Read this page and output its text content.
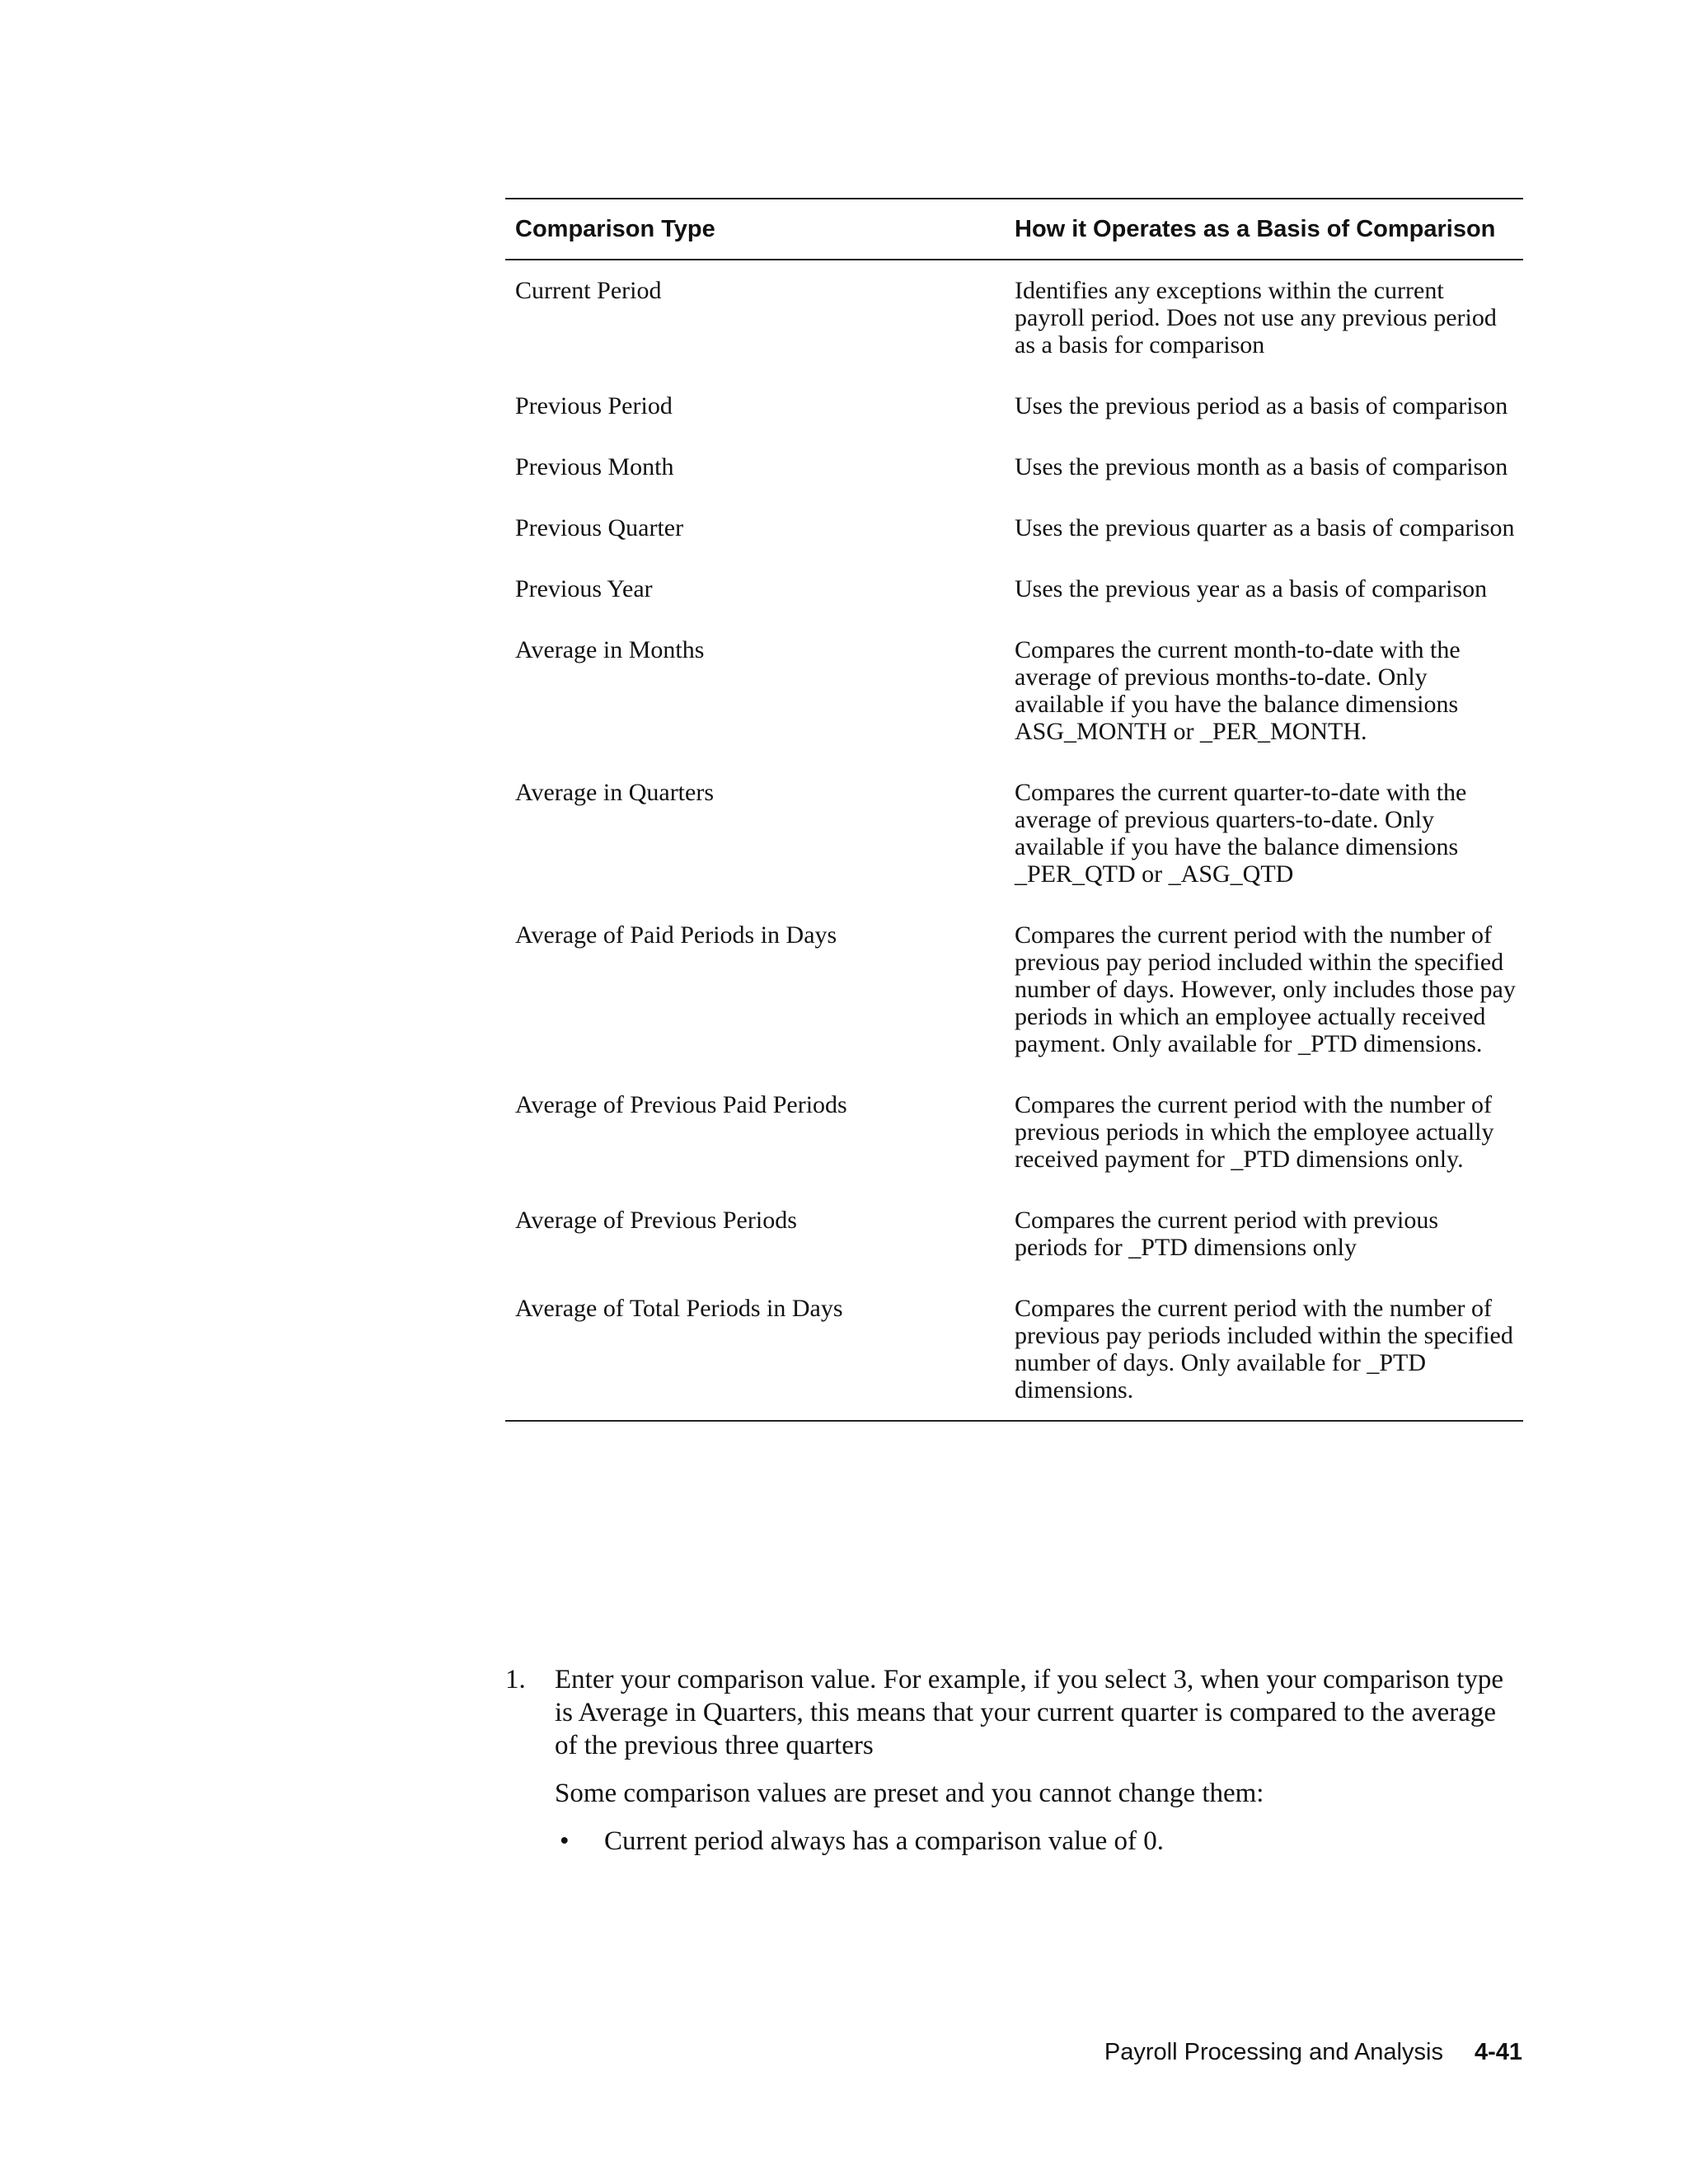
Comparison Type	How it Operates as a Basis of Comparison
Current Period	Identifies any exceptions within the current payroll period. Does not use any previous period as a basis for comparison
Previous Period	Uses the previous period as a basis of comparison
Previous Month	Uses the previous month as a basis of comparison
Previous Quarter	Uses the previous quarter as a basis of comparison
Previous Year	Uses the previous year as a basis of comparison
Average in Months	Compares the current month-to-date with the average of previous months-to-date. Only available if you have the balance dimensions ASG_MONTH or _PER_MONTH.
Average in Quarters	Compares the current quarter-to-date with the average of previous quarters-to-date. Only available if you have the balance dimensions _PER_QTD or _ASG_QTD
Average of Paid Periods in Days	Compares the current period with the number of previous pay period included within the specified number of days. However, only includes those pay periods in which an employee actually received payment. Only available for _PTD dimensions.
Average of Previous Paid Periods	Compares the current period with the number of previous periods in which the employee actually received payment for _PTD dimensions only.
Average of Previous Periods	Compares the current period with previous periods for _PTD dimensions only
Average of Total Periods in Days	Compares the current period with the number of previous pay periods included within the specified number of days. Only available for _PTD dimensions.
1.	Enter your comparison value. For example, if you select 3, when your comparison type is Average in Quarters, this means that your current quarter is compared to the average of the previous three quarters
Some comparison values are preset and you cannot change them:
•	Current period always has a comparison value of 0.
Payroll Processing and Analysis 4-41
